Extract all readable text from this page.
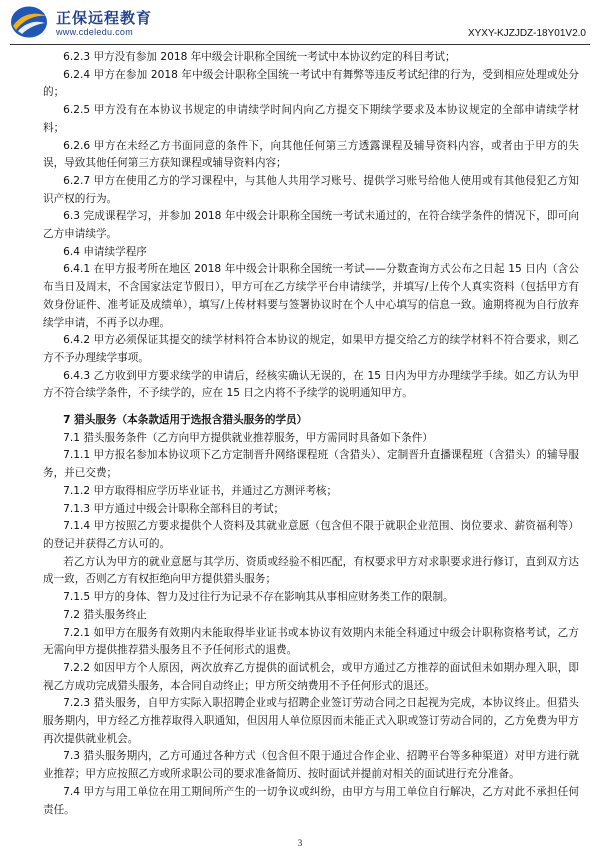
正保远程教育
www.cdeledu.com	XYXY-KJZJDZ-18Y01V2.0

6.2.3 甲方没有参加 2018 年中级会计职称全国统一考试中本协议约定的科目考试；

6.2.4 甲方在参加 2018 年中级会计职称全国统一考试中有舞弊等违反考试纪律的行为，受到相应处理或处分的；

6.2.5 甲方没有在本协议书规定的申请续学时间内向乙方提交下期续学要求及本协议规定的全部申请续学材料；

6.2.6 甲方在未经乙方书面同意的条件下，向其他任何第三方透露课程及辅导资料内容，或者由于甲方的失误，导致其他任何第三方获知课程或辅导资料内容；

6.2.7 甲方在使用乙方的学习课程中，与其他人共用学习账号、提供学习账号给他人使用或有其他侵犯乙方知识产权的行为。

6.3 完成课程学习，并参加 2018 年中级会计职称全国统一考试未通过的，在符合续学条件的情况下，即可向乙方申请续学。

6.4 申请续学程序

6.4.1 在甲方报考所在地区 2018 年中级会计职称全国统一考试——分数查询方式公布之日起 15 日内（含公布当日及周末，不含国家法定节假日），甲方可在乙方续学平台申请续学，并填写/上传个人真实资料（包括甲方有效身份证件、准考证及成绩单），填写/上传材料要与签署协议时在个人中心填写的信息一致。逾期将视为自行放弃续学申请，不再予以办理。

6.4.2 甲方必须保证其提交的续学材料符合本协议的规定，如果甲方提交给乙方的续学材料不符合要求，则乙方不予办理续学事项。

6.4.3 乙方收到甲方要求续学的申请后，经核实确认无误的，在 15 日内为甲方办理续学手续。如乙方认为甲方不符合续学条件，不予续学的，应在 15 日之内将不予续学的说明通知甲方。

7 猎头服务（本条款适用于选报含猎头服务的学员）

7.1 猎头服务条件（乙方向甲方提供就业推荐服务，甲方需同时具备如下条件）

7.1.1 甲方报名参加本协议项下乙方定制晋升网络课程班（含猎头）、定制晋升直播课程班（含猎头）的辅导服务，并已交费；

7.1.2 甲方取得相应学历毕业证书，并通过乙方测评考核；

7.1.3 甲方通过中级会计职称全部科目的考试；

7.1.4 甲方按照乙方要求提供个人资料及其就业意愿（包含但不限于就职企业范围、岗位要求、薪资福利等）的登记并获得乙方认可的。

若乙方认为甲方的就业意愿与其学历、资质或经验不相匹配，有权要求甲方对求职要求进行修订，直到双方达成一致，否则乙方有权拒绝向甲方提供猎头服务；

7.1.5 甲方的身体、智力及过往行为记录不存在影响其从事相应财务类工作的限制。

7.2 猎头服务终止

7.2.1 如甲方在服务有效期内未能取得毕业证书或本协议有效期内未能全科通过中级会计职称资格考试，乙方无需向甲方提供推荐猎头服务且不予任何形式的退费。

7.2.2 如因甲方个人原因，两次放弃乙方提供的面试机会，或甲方通过乙方推荐的面试但未如期办理入职，即视乙方成功完成猎头服务，本合同自动终止；甲方所交纳费用不予任何形式的退还。

7.2.3 猎头服务，自甲方实际入职招聘企业或与招聘企业签订劳动合同之日起视为完成，本协议终止。但猎头服务期内，甲方经乙方推荐取得入职通知，但因用人单位原因而未能正式入职或签订劳动合同的，乙方免费为甲方再次提供就业机会。

7.3 猎头服务期内，乙方可通过各种方式（包含但不限于通过合作企业、招聘平台等多种渠道）对甲方进行就业推荐；甲方应按照乙方或所求职公司的要求准备简历、按时面试并提前对相关的面试进行充分准备。

7.4 甲方与用工单位在用工期间所产生的一切争议或纠纷，由甲方与用工单位自行解决，乙方对此不承担任何责任。

3
